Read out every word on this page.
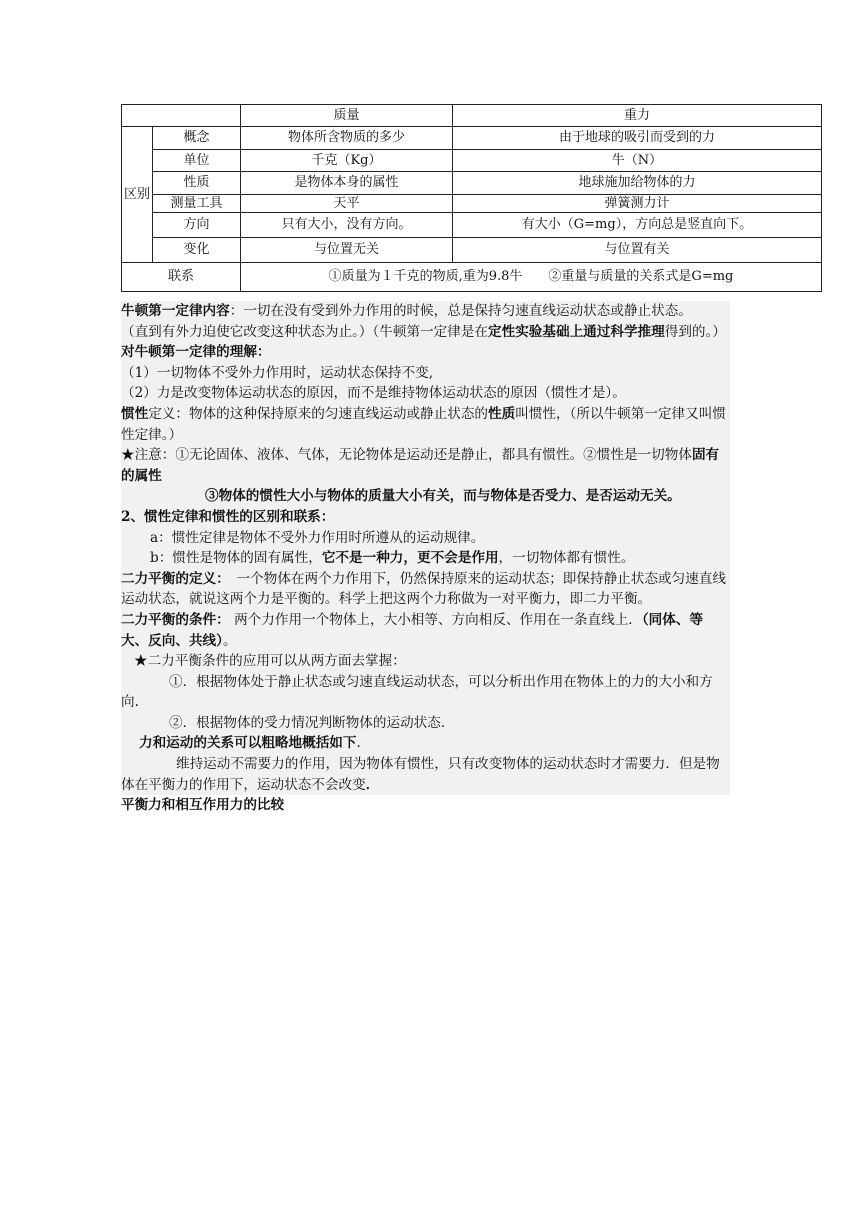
		质量	重力
区别	概念	物体所含物质的多少	由于地球的吸引而受到的力
	单位	千克（Kg）	牛（N）
	性质	是物体本身的属性	地球施加给物体的力
	测量工具	天平	弹簧测力计
	方向	只有大小，没有方向。	有大小（G=mg），方向总是竖直向下。
	变化	与位置无关	与位置有关
联系		①质量为１千克的物质,重为9.8牛　　②重量与质量的关系式是G=mg	

牛顿第一定律内容：一切在没有受到外力作用的时候，总是保持匀速直线运动状态或静止状态。

（直到有外力迫使它改变这种状态为止。）（牛顿第一定律是在定性实验基础上通过科学推理得到的。）

对牛顿第一定律的理解：

（1）一切物体不受外力作用时，运动状态保持不变,

（2）力是改变物体运动状态的原因，而不是维持物体运动状态的原因（惯性才是）。

惯性定义：物体的这种保持原来的匀速直线运动或静止状态的性质叫惯性，（所以牛顿第一定律又叫惯性定律。）

★注意：①无论固体、液体、气体，无论物体是运动还是静止，都具有惯性。②惯性是一切物体固有的属性

③物体的惯性大小与物体的质量大小有关，而与物体是否受力、是否运动无关。

2、惯性定律和惯性的区别和联系：

a：惯性定律是物体不受外力作用时所遵从的运动规律。

b：惯性是物体的固有属性，它不是一种力，更不会是作用，一切物体都有惯性。

二力平衡的定义：　一个物体在两个力作用下，仍然保持原来的运动状态；即保持静止状态或匀速直线运动状态，就说这两个力是平衡的。科学上把这两个力称做为一对平衡力，即二力平衡。

二力平衡的条件： 两个力作用一个物体上，大小相等、方向相反、作用在一条直线上．（同体、等大、反向、共线）。

★二力平衡条件的应用可以从两方面去掌握：

①．根据物体处于静止状态或匀速直线运动状态，可以分析出作用在物体上的力的大小和方向.

②．根据物体的受力情况判断物体的运动状态．

力和运动的关系可以粗略地概括如下．

维持运动不需要力的作用，因为物体有惯性，只有改变物体的运动状态时才需要力．但是物体在平衡力的作用下，运动状态不会改变．

平衡力和相互作用力的比较
